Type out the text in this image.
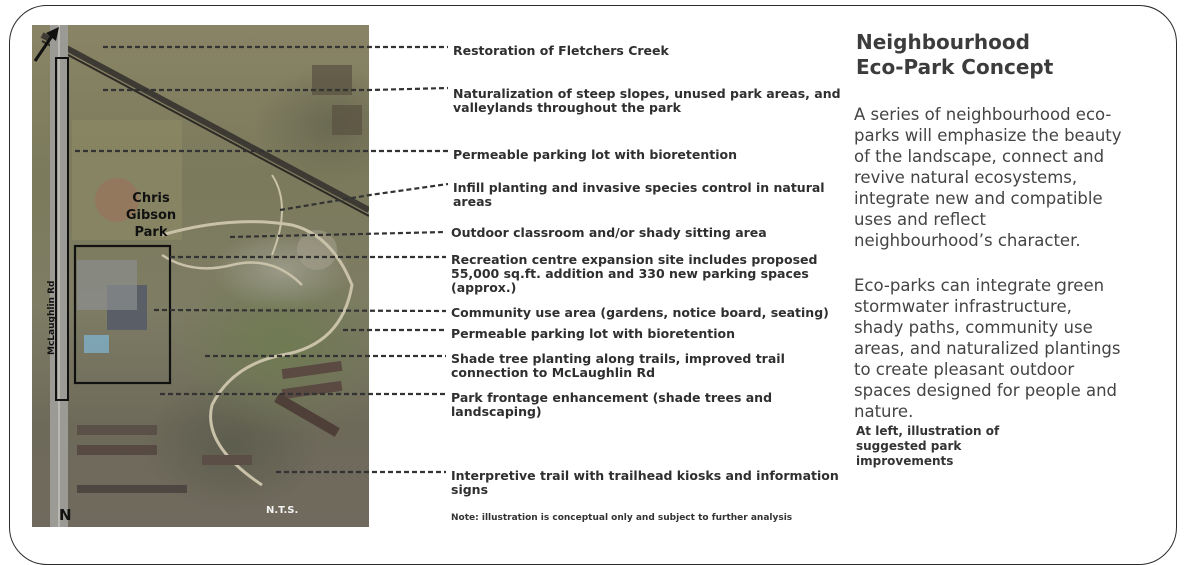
Chris
Gibson
Park
McLaughlin Rd
N.T.S.
N
Restoration of Fletchers Creek
Naturalization of steep slopes, unused park areas, and
valleylands throughout the park
Permeable parking lot with bioretention
Infill planting and invasive species control in natural
areas
Outdoor classroom and/or shady sitting area
Recreation centre expansion site includes proposed
55,000 sq.ft. addition and 330 new parking spaces
(approx.)
Community use area (gardens, notice board, seating)
Permeable parking lot with bioretention
Shade tree planting along trails, improved trail
connection to McLaughlin Rd
Park frontage enhancement (shade trees and
landscaping)
Interpretive trail with trailhead kiosks and information
signs
Note: illustration is conceptual only and subject to further analysis
Neighbourhood
Eco-Park Concept
A series of neighbourhood eco-
parks will emphasize the beauty
of the landscape, connect and
revive natural ecosystems,
integrate new and compatible
uses and reflect
neighbourhood’s character.
Eco-parks can integrate green
stormwater infrastructure,
shady paths, community use
areas, and naturalized plantings
to create pleasant outdoor
spaces designed for people and
nature.
At left, illustration of
suggested park
improvements
